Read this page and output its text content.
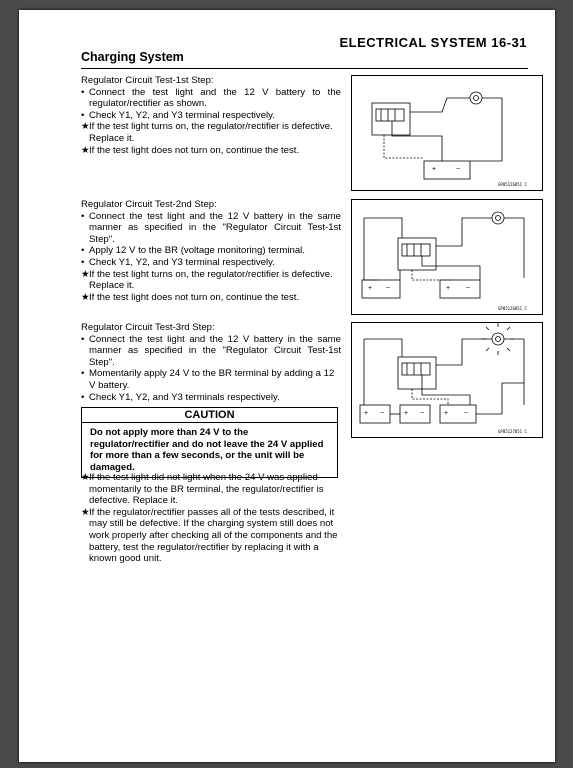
ELECTRICAL SYSTEM 16-31
Charging System

Regulator Circuit Test-1st Step:

• Connect the test light and the 12 V battery to the regulator/rectifier as shown.
• Check Y1, Y2, and Y3 terminal respectively.
★ If the test light turns on, the regulator/rectifier is defective. Replace it.
★ If the test light does not turn on, continue the test.

Regulator Circuit Test-2nd Step:

• Connect the test light and the 12 V battery in the same manner as specified in the "Regulator Circuit Test-1st Step".
• Apply 12 V to the BR (voltage monitoring) terminal.
• Check Y1, Y2, and Y3 terminal respectively.
★ If the test light turns on, the regulator/rectifier is defective. Replace it.
★ If the test light does not turn on, continue the test.

Regulator Circuit Test-3rd Step:

• Connect the test light and the 12 V battery in the same manner as specified in the "Regulator Circuit Test-1st Step".
• Momentarily apply 24 V to the BR terminal by adding a 12 V battery.
• Check Y1, Y2, and Y3 terminals respectively.
CAUTION
Do not apply more than 24 V to the regulator/rectifier and do not leave the 24 V applied for more than a few seconds, or the unit will be damaged.
★ If the test light did not light when the 24 V was applied momentarily to the BR terminal, the regulator/rectifier is defective. Replace it.
★ If the regulator/rectifier passes all of the tests described, it may still be defective. If the charging system still does not work properly after checking all of the components and the battery, test the regulator/rectifier by replacing it with a known good unit.
+	−
GP05126851 C
+ −	+ −
GP05126851 C
+ −	+ −	+ −
GP05127851 C
